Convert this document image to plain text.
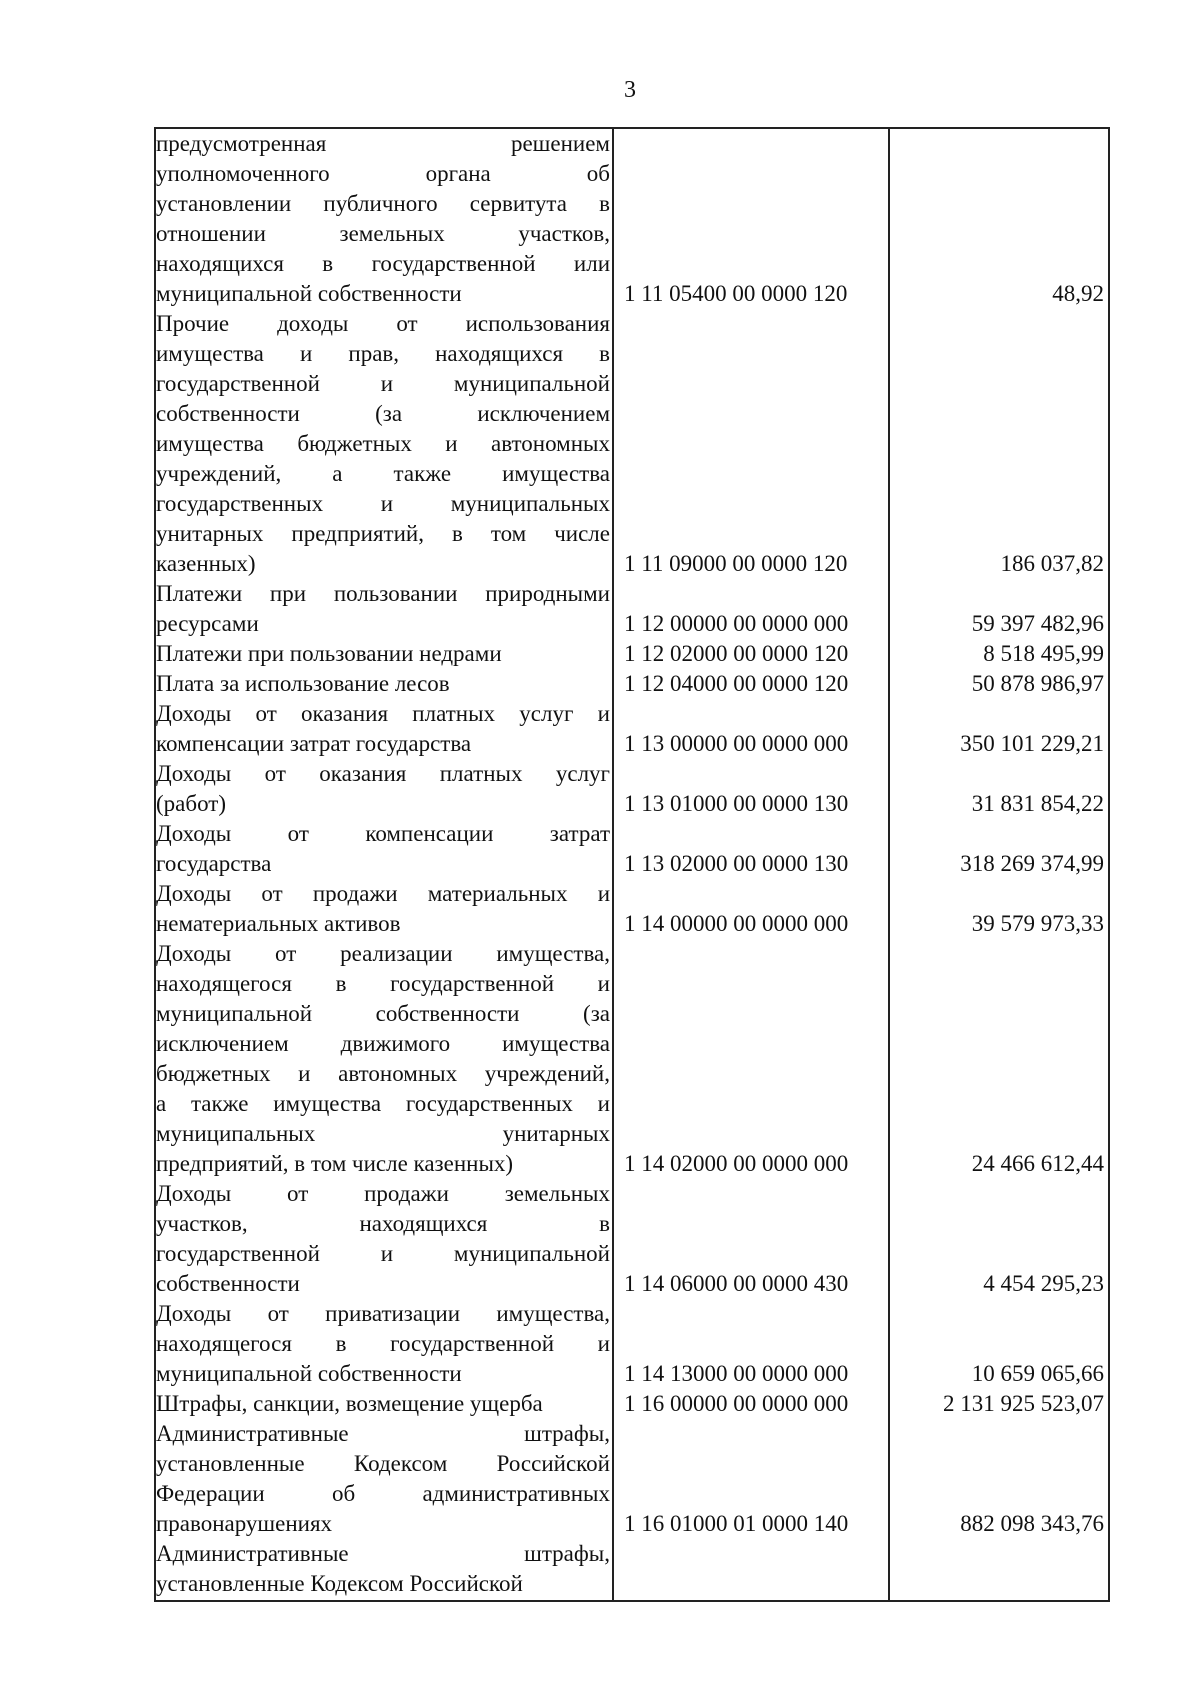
3
предусмотренная решением
уполномоченного органа об
установлении публичного сервитута в
отношении земельных участков,
находящихся в государственной или
муниципальной собственности	1 11 05400 00 0000 120	48,92
Прочие доходы от использования
имущества и прав, находящихся в
государственной и муниципальной
собственности (за исключением
имущества бюджетных и автономных
учреждений, а также имущества
государственных и муниципальных
унитарных предприятий, в том числе
казенных)	1 11 09000 00 0000 120	186 037,82
Платежи при пользовании природными
ресурсами	1 12 00000 00 0000 000	59 397 482,96
Платежи при пользовании недрами	1 12 02000 00 0000 120	8 518 495,99
Плата за использование лесов	1 12 04000 00 0000 120	50 878 986,97
Доходы от оказания платных услуг и
компенсации затрат государства	1 13 00000 00 0000 000	350 101 229,21
Доходы от оказания платных услуг
(работ)	1 13 01000 00 0000 130	31 831 854,22
Доходы от компенсации затрат
государства	1 13 02000 00 0000 130	318 269 374,99
Доходы от продажи материальных и
нематериальных активов	1 14 00000 00 0000 000	39 579 973,33
Доходы от реализации имущества,
находящегося в государственной и
муниципальной собственности (за
исключением движимого имущества
бюджетных и автономных учреждений,
а также имущества государственных и
муниципальных унитарных
предприятий, в том числе казенных)	1 14 02000 00 0000 000	24 466 612,44
Доходы от продажи земельных
участков, находящихся в
государственной и муниципальной
собственности	1 14 06000 00 0000 430	4 454 295,23
Доходы от приватизации имущества,
находящегося в государственной и
муниципальной собственности	1 14 13000 00 0000 000	10 659 065,66
Штрафы, санкции, возмещение ущерба	1 16 00000 00 0000 000	2 131 925 523,07
Административные штрафы,
установленные Кодексом Российской
Федерации об административных
правонарушениях	1 16 01000 01 0000 140	882 098 343,76
Административные штрафы,
установленные Кодексом Российской
